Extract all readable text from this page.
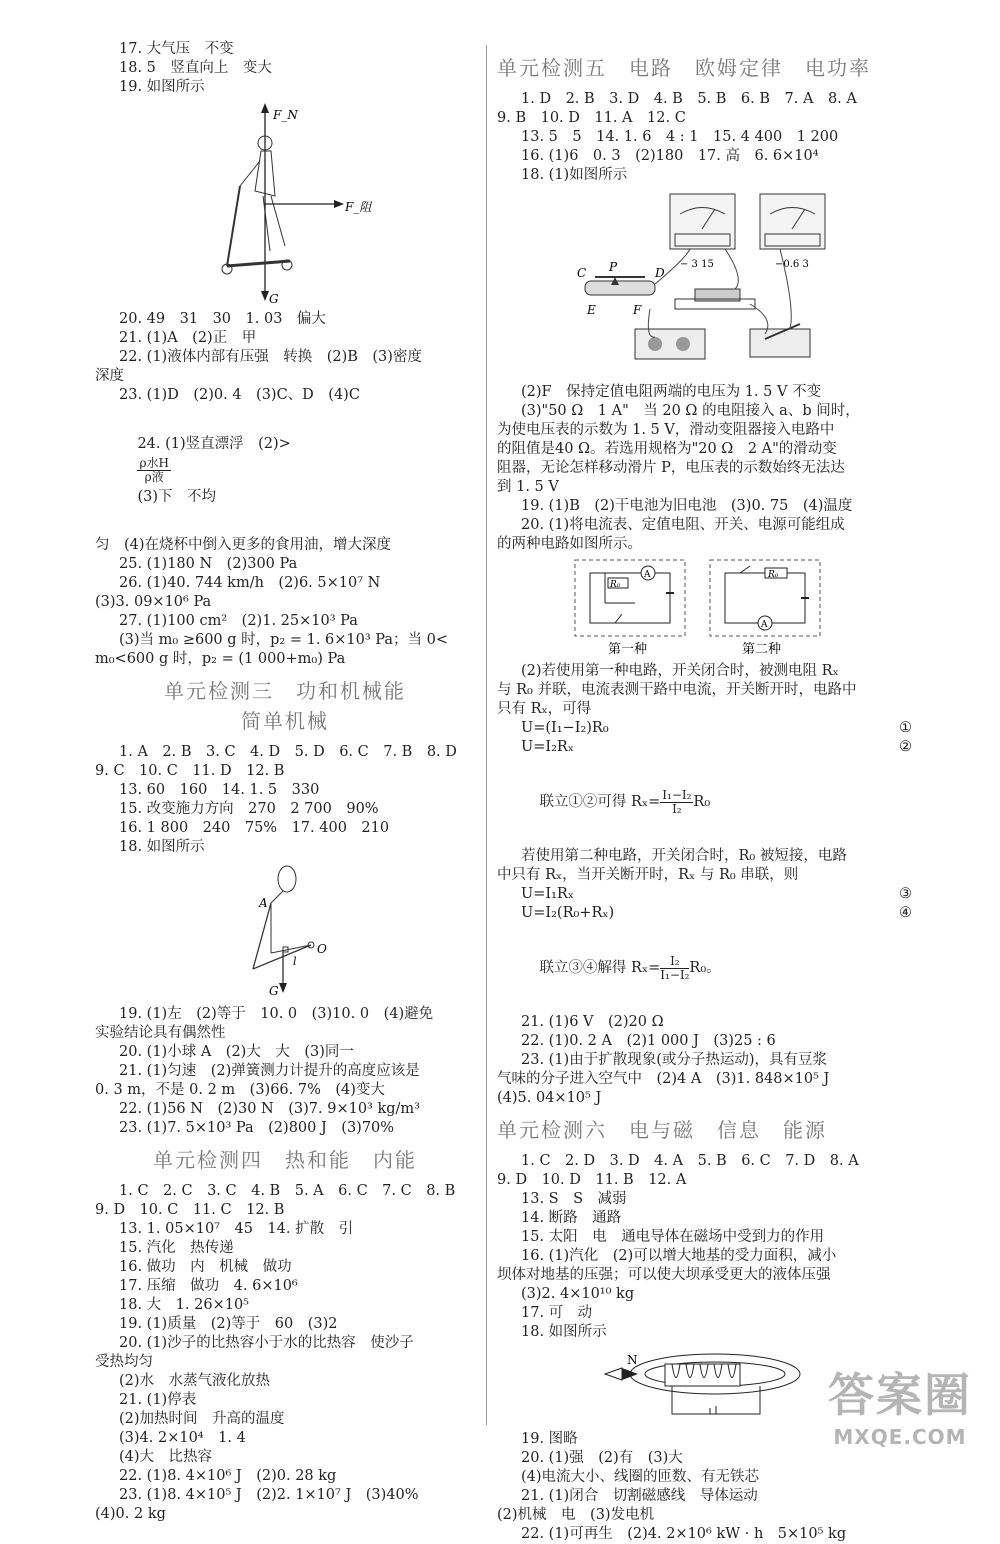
17. 大气压　不变

18. 5　竖直向上　变大

19. 如图所示

F_N
F_阻
G

20. 49　31　30　1. 03　偏大

21. (1)A　(2)正　甲

22. (1)液体内部有压强　转换　(2)B　(3)密度

深度

23. (1)D　(2)0. 4　(3)C、D　(4)C

24. (1)竖直漂浮　(2)>

$\frac{\text{ρ水H}}{\text{ρ液}}$

(3)下　不均

匀　(4)在烧杯中倒入更多的食用油，增大深度

25. (1)180 N　(2)300 Pa

26. (1)40. 744 km/h　(2)6. 5×10⁷ N

(3)3. 09×10⁶ Pa

27. (1)100 cm²　(2)1. 25×10³ Pa

(3)当 m₀ ≥600 g 时，p₂ = 1. 6×10³ Pa；当 0<

m₀<600 g 时，p₂ = (1 000+m₀) Pa

单元检测三　功和机械能
简单机械

1. A　2. B　3. C　4. D　5. D　6. C　7. B　8. D

9. C　10. C　11. D　12. B

13. 60　160　14. 1. 5　330

15. 改变施力方向　270　2 700　90%

16. 1 800　240　75%　17. 400　210

18. 如图所示

A
O
G
l

19. (1)左　(2)等于　10. 0　(3)10. 0　(4)避免

实验结论具有偶然性

20. (1)小球 A　(2)大　大　(3)同一

21. (1)匀速　(2)弹簧测力计提升的高度应该是

0. 3 m，不是 0. 2 m　(3)66. 7%　(4)变大

22. (1)56 N　(2)30 N　(3)7. 9×10³ kg/m³

23. (1)7. 5×10³ Pa　(2)800 J　(3)70%

单元检测四　热和能　内能

1. C　2. C　3. C　4. B　5. A　6. C　7. C　8. B

9. D　10. C　11. C　12. B

13. 1. 05×10⁷　45　14. 扩散　引

15. 汽化　热传递

16. 做功　内　机械　做功

17. 压缩　做功　4. 6×10⁶

18. 大　1. 26×10⁵

19. (1)质量　(2)等于　60　(3)2

20. (1)沙子的比热容小于水的比热容　使沙子

受热均匀

(2)水　水蒸气液化放热

21. (1)停表

(2)加热时间　升高的温度

(3)4. 2×10⁴　1. 4

(4)大　比热容

22. (1)8. 4×10⁶ J　(2)0. 28 kg

23. (1)8. 4×10⁵ J　(2)2. 1×10⁷ J　(3)40%

(4)0. 2 kg

单元检测五　电路　欧姆定律　电功率

1. D　2. B　3. D　4. B　5. B　6. B　7. A　8. A

9. B　10. D　11. A　12. C

13. 5　5　14. 1. 6　4 : 1　15. 4 400　1 200

16. (1)6　0. 3　(2)180　17. 高　6. 6×10⁴

18. (1)如图所示

− 3 15	−0.6 3
C P	D
E	F

(2)F　保持定值电阻两端的电压为 1. 5 V 不变

(3)"50 Ω　1 A"　当 20 Ω 的电阻接入 a、b 间时，

为使电压表的示数为 1. 5 V，滑动变阻器接入电路中

的阻值是40 Ω。若选用规格为"20 Ω　2 A"的滑动变

阻器，无论怎样移动滑片 P，电压表的示数始终无法达

到 1. 5 V

19. (1)B　(2)干电池为旧电池　(3)0. 75　(4)温度

20. (1)将电流表、定值电阻、开关、电源可能组成

的两种电路如图所示。

R₀
A	R₀
A
第一种	第二种

(2)若使用第一种电路，开关闭合时，被测电阻 Rₓ

与 R₀ 并联，电流表测干路中电流，开关断开时，电路中

只有 Rₓ，可得

U=(I₁−I₂)R₀	①
U=I₂Rₓ	②

联立①②可得 $R_x= \frac{\text{I₁−I₂}}{\text{I₂}} R_0$

若使用第二种电路，开关闭合时，R₀ 被短接，电路

中只有 Rₓ，当开关断开时，Rₓ 与 R₀ 串联，则

U=I₁Rₓ	③
U=I₂(R₀+Rₓ)	④

联立③④解得 $R_x= \frac{\text{I₂}}{\text{I₁−I₂}} R_0$。

21. (1)6 V　(2)20 Ω

22. (1)0. 2 A　(2)1 000 J　(3)25 : 6

23. (1)由于扩散现象(或分子热运动)，具有豆浆

气味的分子进入空气中　(2)4 A　(3)1. 848×10⁵ J

(4)5. 04×10⁵ J

单元检测六　电与磁　信息　能源

1. C　2. D　3. D　4. A　5. B　6. C　7. D　8. A

9. D　10. D　11. B　12. A

13. S　S　减弱

14. 断路　通路

15. 太阳　电　通电导体在磁场中受到力的作用

16. (1)汽化　(2)可以增大地基的受力面积，减小

坝体对地基的压强；可以使大坝承受更大的液体压强

(3)2. 4×10¹⁰ kg

17. 可　动

18. 如图所示

N

19. 图略

20. (1)强　(2)有　(3)大

(4)电流大小、线圈的匝数、有无铁芯

21. (1)闭合　切割磁感线　导体运动

(2)机械　电　(3)发电机

22. (1)可再生　(2)4. 2×10⁶ kW · h　5×10⁵ kg

答案圈
MXQE.COM
